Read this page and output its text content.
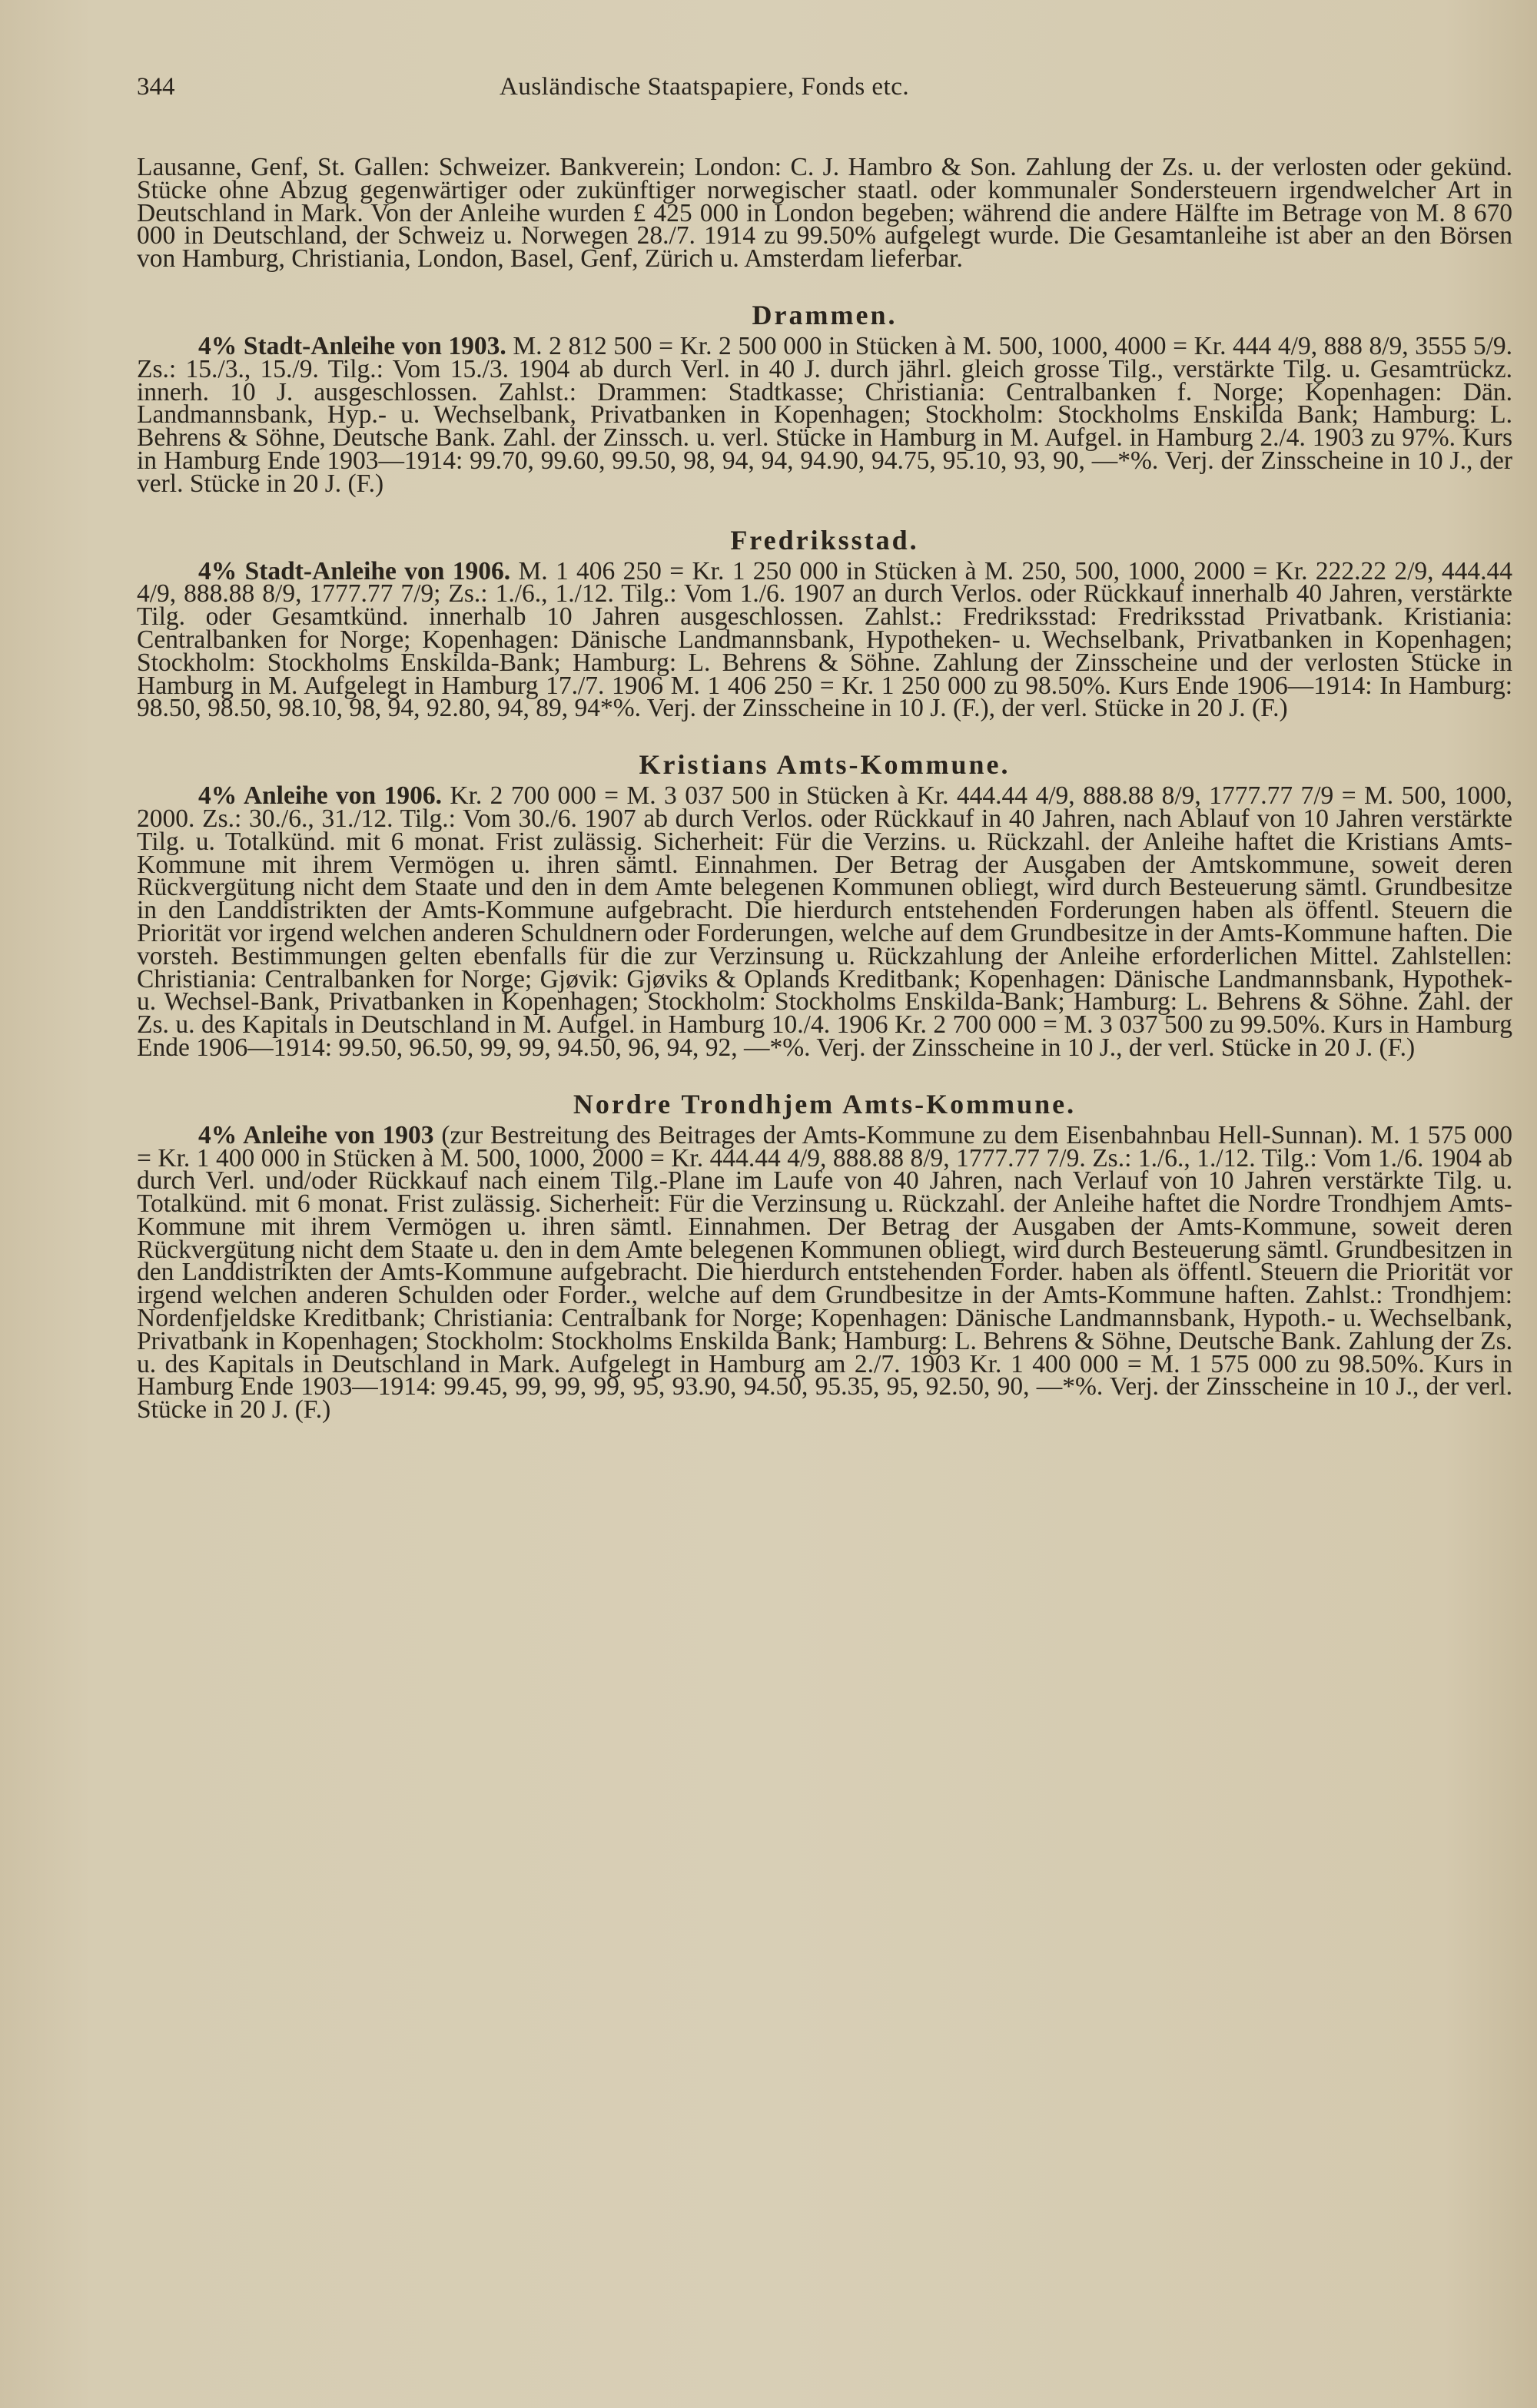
344	Ausländische Staatspapiere, Fonds etc.

Lausanne, Genf, St. Gallen: Schweizer. Bankverein; London: C. J. Hambro & Son. Zahlung der Zs. u. der verlosten oder gekünd. Stücke ohne Abzug gegenwärtiger oder zukünftiger norwegischer staatl. oder kommunaler Sondersteuern irgendwelcher Art in Deutschland in Mark. Von der Anleihe wurden £ 425 000 in London begeben; während die andere Hälfte im Betrage von M. 8 670 000 in Deutschland, der Schweiz u. Norwegen 28./7. 1914 zu 99.50% aufgelegt wurde. Die Gesamtanleihe ist aber an den Börsen von Hamburg, Christiania, London, Basel, Genf, Zürich u. Amsterdam lieferbar.

Drammen.

4% Stadt-Anleihe von 1903. M. 2 812 500 = Kr. 2 500 000 in Stücken à M. 500, 1000, 4000 = Kr. 444 4/9, 888 8/9, 3555 5/9. Zs.: 15./3., 15./9. Tilg.: Vom 15./3. 1904 ab durch Verl. in 40 J. durch jährl. gleich grosse Tilg., verstärkte Tilg. u. Gesamtrückz. innerh. 10 J. ausgeschlossen. Zahlst.: Drammen: Stadtkasse; Christiania: Centralbanken f. Norge; Kopenhagen: Dän. Landmannsbank, Hyp.- u. Wechselbank, Privatbanken in Kopenhagen; Stockholm: Stockholms Enskilda Bank; Hamburg: L. Behrens & Söhne, Deutsche Bank. Zahl. der Zinssch. u. verl. Stücke in Hamburg in M. Aufgel. in Hamburg 2./4. 1903 zu 97%. Kurs in Hamburg Ende 1903—1914: 99.70, 99.60, 99.50, 98, 94, 94, 94.90, 94.75, 95.10, 93, 90, —*%. Verj. der Zinsscheine in 10 J., der verl. Stücke in 20 J. (F.)

Fredriksstad.

4% Stadt-Anleihe von 1906. M. 1 406 250 = Kr. 1 250 000 in Stücken à M. 250, 500, 1000, 2000 = Kr. 222.22 2/9, 444.44 4/9, 888.88 8/9, 1777.77 7/9; Zs.: 1./6., 1./12. Tilg.: Vom 1./6. 1907 an durch Verlos. oder Rückkauf innerhalb 40 Jahren, verstärkte Tilg. oder Gesamtkünd. innerhalb 10 Jahren ausgeschlossen. Zahlst.: Fredriksstad: Fredriksstad Privatbank. Kristiania: Centralbanken for Norge; Kopenhagen: Dänische Landmannsbank, Hypotheken- u. Wechselbank, Privatbanken in Kopenhagen; Stockholm: Stockholms Enskilda-Bank; Hamburg: L. Behrens & Söhne. Zahlung der Zinsscheine und der verlosten Stücke in Hamburg in M. Aufgelegt in Hamburg 17./7. 1906 M. 1 406 250 = Kr. 1 250 000 zu 98.50%. Kurs Ende 1906—1914: In Hamburg: 98.50, 98.50, 98.10, 98, 94, 92.80, 94, 89, 94*%. Verj. der Zinsscheine in 10 J. (F.), der verl. Stücke in 20 J. (F.)

Kristians Amts-Kommune.

4% Anleihe von 1906. Kr. 2 700 000 = M. 3 037 500 in Stücken à Kr. 444.44 4/9, 888.88 8/9, 1777.77 7/9 = M. 500, 1000, 2000. Zs.: 30./6., 31./12. Tilg.: Vom 30./6. 1907 ab durch Verlos. oder Rückkauf in 40 Jahren, nach Ablauf von 10 Jahren verstärkte Tilg. u. Totalkünd. mit 6 monat. Frist zulässig. Sicherheit: Für die Verzins. u. Rückzahl. der Anleihe haftet die Kristians Amts-Kommune mit ihrem Vermögen u. ihren sämtl. Einnahmen. Der Betrag der Ausgaben der Amtskommune, soweit deren Rückvergütung nicht dem Staate und den in dem Amte belegenen Kommunen obliegt, wird durch Besteuerung sämtl. Grundbesitze in den Landdistrikten der Amts-Kommune aufgebracht. Die hierdurch entstehenden Forderungen haben als öffentl. Steuern die Priorität vor irgend welchen anderen Schuldnern oder Forderungen, welche auf dem Grundbesitze in der Amts-Kommune haften. Die vorsteh. Bestimmungen gelten ebenfalls für die zur Verzinsung u. Rückzahlung der Anleihe erforderlichen Mittel. Zahlstellen: Christiania: Centralbanken for Norge; Gjøvik: Gjøviks & Oplands Kreditbank; Kopenhagen: Dänische Landmannsbank, Hypothek- u. Wechsel-Bank, Privatbanken in Kopenhagen; Stockholm: Stockholms Enskilda-Bank; Hamburg: L. Behrens & Söhne. Zahl. der Zs. u. des Kapitals in Deutschland in M. Aufgel. in Hamburg 10./4. 1906 Kr. 2 700 000 = M. 3 037 500 zu 99.50%. Kurs in Hamburg Ende 1906—1914: 99.50, 96.50, 99, 99, 94.50, 96, 94, 92, —*%. Verj. der Zinsscheine in 10 J., der verl. Stücke in 20 J. (F.)

Nordre Trondhjem Amts-Kommune.

4% Anleihe von 1903 (zur Bestreitung des Beitrages der Amts-Kommune zu dem Eisenbahnbau Hell-Sunnan). M. 1 575 000 = Kr. 1 400 000 in Stücken à M. 500, 1000, 2000 = Kr. 444.44 4/9, 888.88 8/9, 1777.77 7/9. Zs.: 1./6., 1./12. Tilg.: Vom 1./6. 1904 ab durch Verl. und/oder Rückkauf nach einem Tilg.-Plane im Laufe von 40 Jahren, nach Verlauf von 10 Jahren verstärkte Tilg. u. Totalkünd. mit 6 monat. Frist zulässig. Sicherheit: Für die Verzinsung u. Rückzahl. der Anleihe haftet die Nordre Trondhjem Amts-Kommune mit ihrem Vermögen u. ihren sämtl. Einnahmen. Der Betrag der Ausgaben der Amts-Kommune, soweit deren Rückvergütung nicht dem Staate u. den in dem Amte belegenen Kommunen obliegt, wird durch Besteuerung sämtl. Grundbesitzen in den Landdistrikten der Amts-Kommune aufgebracht. Die hierdurch entstehenden Forder. haben als öffentl. Steuern die Priorität vor irgend welchen anderen Schulden oder Forder., welche auf dem Grundbesitze in der Amts-Kommune haften. Zahlst.: Trondhjem: Nordenfjeldske Kreditbank; Christiania: Centralbank for Norge; Kopenhagen: Dänische Landmannsbank, Hypoth.- u. Wechselbank, Privatbank in Kopenhagen; Stockholm: Stockholms Enskilda Bank; Hamburg: L. Behrens & Söhne, Deutsche Bank. Zahlung der Zs. u. des Kapitals in Deutschland in Mark. Aufgelegt in Hamburg am 2./7. 1903 Kr. 1 400 000 = M. 1 575 000 zu 98.50%. Kurs in Hamburg Ende 1903—1914: 99.45, 99, 99, 99, 95, 93.90, 94.50, 95.35, 95, 92.50, 90, —*%. Verj. der Zinsscheine in 10 J., der verl. Stücke in 20 J. (F.)
